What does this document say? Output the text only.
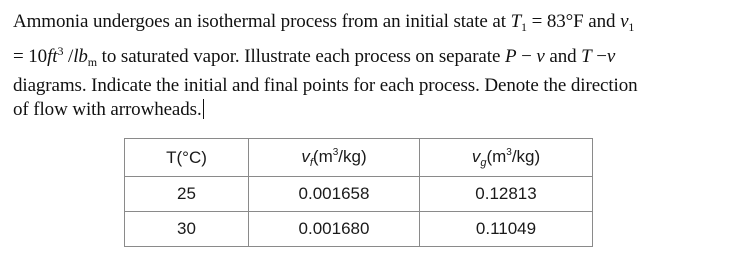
Ammonia undergoes an isothermal process from an initial state at $T_1 = 83^\circ F$ and $v_1$
= $10ft^3$ $/lb_m$ to saturated vapor. Illustrate each process on separate P − v and T −v
diagrams. Indicate the initial and final points for each process. Denote the direction
of flow with arrowheads.
T(°C)	$v_f(m^3/kg)$	$v_g(m^3/kg)$
25	0.001658	0.12813
30	0.001680	0.11049
